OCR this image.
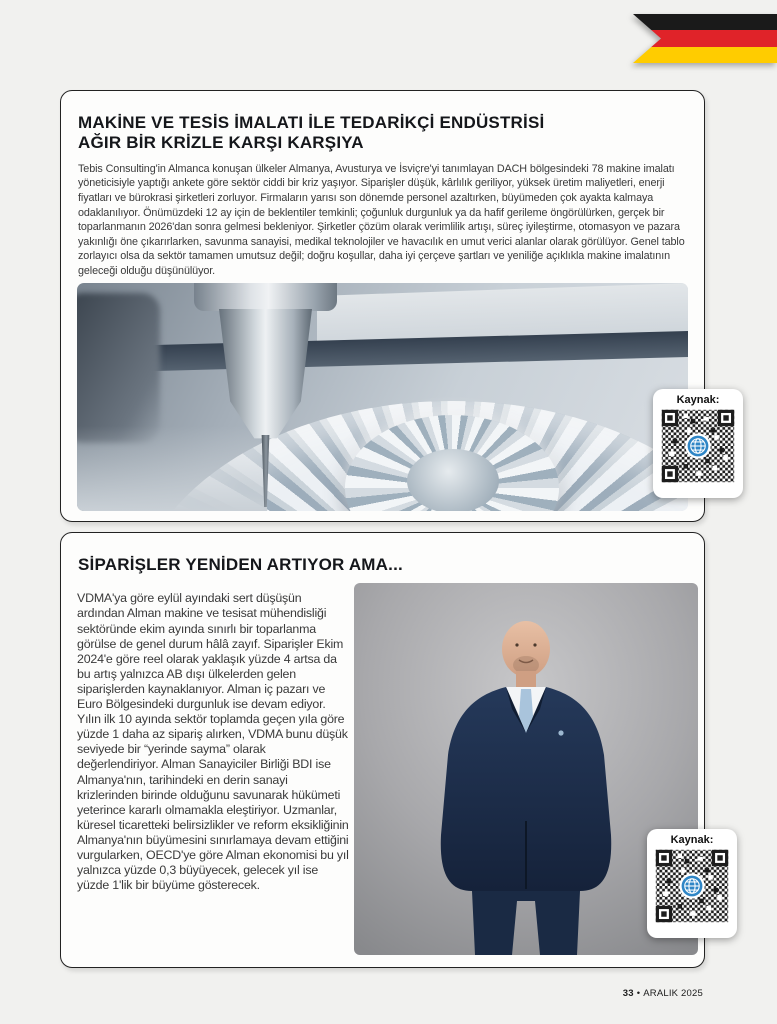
MAKİNE VE TESİS İMALATI İLE TEDARİKÇİ ENDÜSTRİSİ
AĞIR BİR KRİZLE KARŞI KARŞIYA

Tebis Consulting'in Almanca konuşan ülkeler Almanya, Avusturya ve İsviçre'yi tanımlayan DACH bölgesindeki 78 makine imalatı yöneticisiyle yaptığı ankete göre sektör ciddi bir kriz yaşıyor. Siparişler düşük, kârlılık geriliyor, yüksek üretim maliyetleri, enerji fiyatları ve bürokrasi şirketleri zorluyor. Firmaların yarısı son dönemde personel azaltırken, büyümeden çok ayakta kalmaya odaklanılıyor. Önümüzdeki 12 ay için de beklentiler temkinli; çoğunluk durgunluk ya da hafif gerileme öngörülürken, gerçek bir toparlanmanın 2026'dan sonra gelmesi bekleniyor. Şirketler çözüm olarak verimlilik artışı, süreç iyileştirme, otomasyon ve pazara yakınlığı öne çıkarırlarken, savunma sanayisi, medikal teknolojiler ve havacılık en umut verici alanlar olarak görülüyor. Genel tablo zorlayıcı olsa da sektör tamamen umutsuz değil; doğru koşullar, daha iyi çerçeve şartları ve yeniliğe açıklıkla makine imalatının geleceği olduğu düşünülüyor.

Kaynak:
SİPARİŞLER YENİDEN ARTIYOR AMA...

VDMA'ya göre eylül ayındaki sert düşüşün ardından Alman makine ve tesisat mühendisliği sektöründe ekim ayında sınırlı bir toparlanma görülse de genel durum hâlâ zayıf. Siparişler Ekim 2024'e göre reel olarak yaklaşık yüzde 4 artsa da bu artış yalnızca AB dışı ülkelerden gelen siparişlerden kaynaklanıyor. Alman iç pazarı ve Euro Bölgesindeki durgunluk ise devam ediyor. Yılın ilk 10 ayında sektör toplamda geçen yıla göre yüzde 1 daha az sipariş alırken, VDMA bunu düşük seviyede bir “yerinde sayma” olarak değerlendiriyor. Alman Sanayiciler Birliği BDI ise Almanya'nın, tarihindeki en derin sanayi krizlerinden birinde olduğunu savunarak hükümeti yeterince kararlı olmamakla eleştiriyor. Uzmanlar, küresel ticaretteki belirsizlikler ve reform eksikliğinin Almanya'nın büyümesini sınırlamaya devam ettiğini vurgularken, OECD'ye göre Alman ekonomisi bu yıl yalnızca yüzde 0,3 büyüyecek, gelecek yıl ise yüzde 1'lik bir büyüme gösterecek.

Kaynak:
33 • ARALIK 2025
